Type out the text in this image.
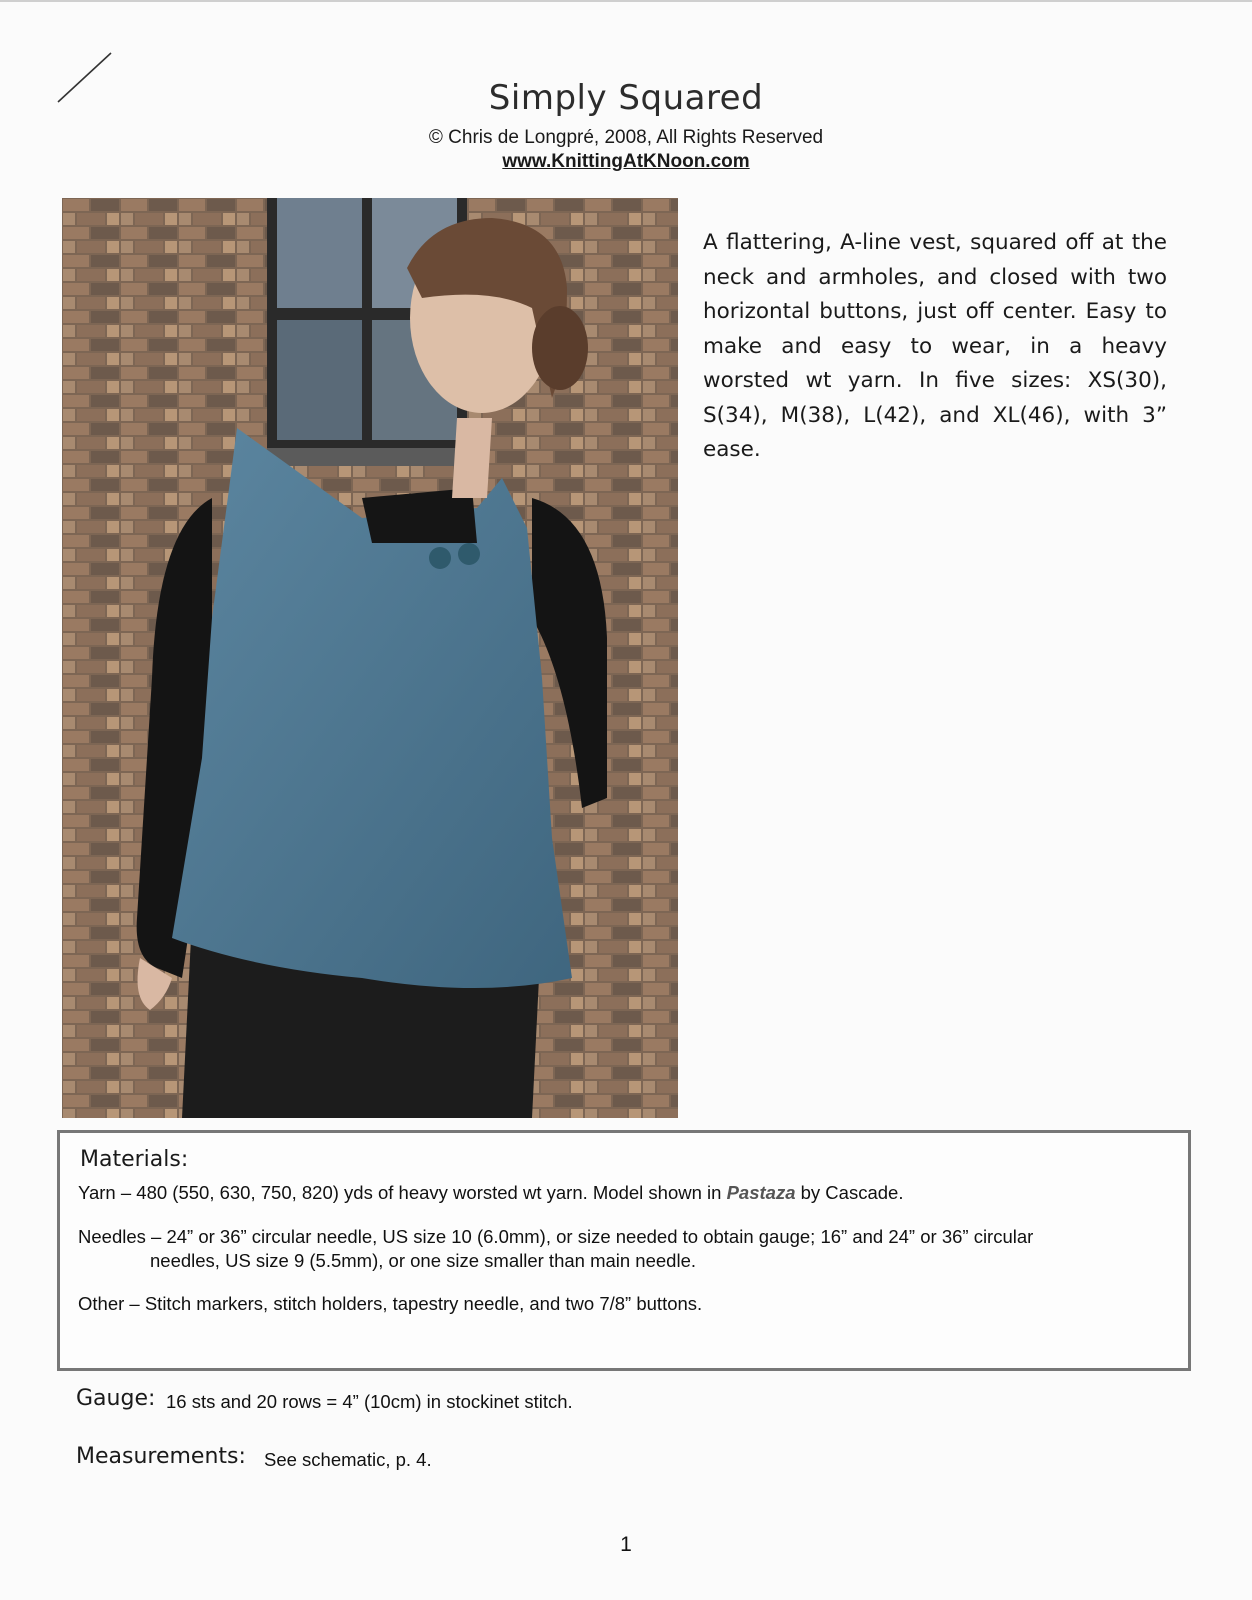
Simply Squared
© Chris de Longpré, 2008, All Rights Reserved
www.KnittingAtKNoon.com
A flattering, A-line vest, squared off at the neck and armholes, and closed with two horizontal buttons, just off center. Easy to make and easy to wear, in a heavy worsted wt yarn. In five sizes: XS(30), S(34), M(38), L(42), and XL(46), with 3” ease.
Materials:
Yarn – 480 (550, 630, 750, 820) yds of heavy worsted wt yarn. Model shown in Pastaza by Cascade.
Needles – 24” or 36” circular needle, US size 10 (6.0mm), or size needed to obtain gauge; 16” and 24” or 36” circular
needles, US size 9 (5.5mm), or one size smaller than main needle.
Other – Stitch markers, stitch holders, tapestry needle, and two 7/8” buttons.
Gauge: 16 sts and 20 rows = 4” (10cm) in stockinet stitch.
Measurements: See schematic, p. 4.
1
